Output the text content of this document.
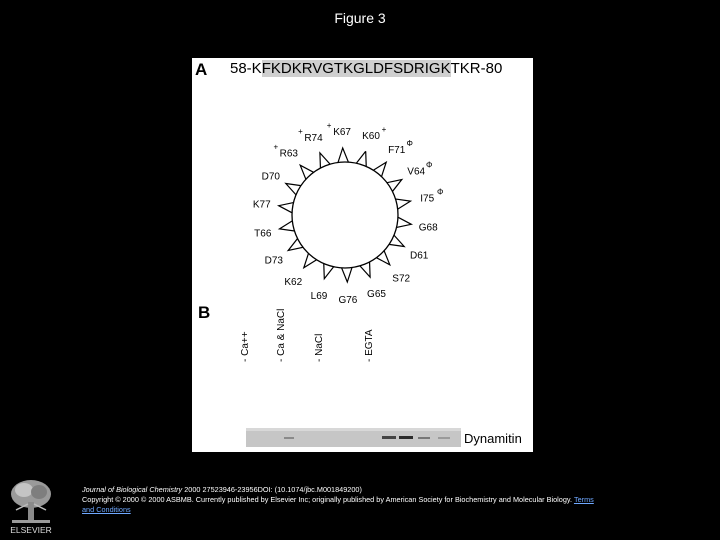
Figure 3
A 58-KFKDKRVGTKGLDFSDRIGKTKR-80
K60
+
F71
Φ
V64
Φ
I75
Φ
G68
D61
S72
G65
G76
L69
K62
D73
T66
K77
D70
R63
+
R74
+	K67
+
B
- Ca++	- Ca & NaCl	- NaCl	- EGTA
Dynamitin
ELSEVIER
Journal of Biological Chemistry 2000 27523946-23956DOI: (10.1074/jbc.M001849200)
Copyright © 2000 © 2000 ASBMB. Currently published by Elsevier Inc; originally published by American Society for Biochemistry and Molecular Biology. Terms and Conditions
